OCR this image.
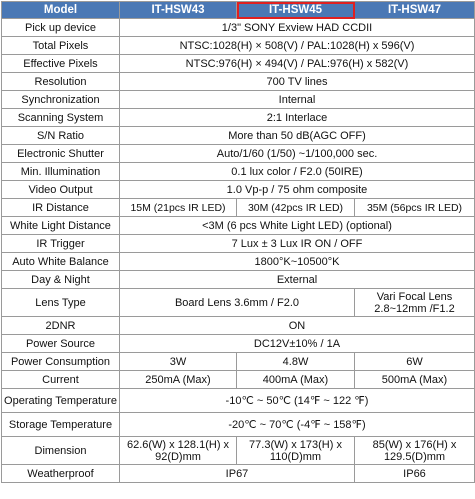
Model	IT-HSW43	IT-HSW45	IT-HSW47
Pick up device	1/3" SONY Exview HAD CCDII		
Total Pixels	NTSC:1028(H) × 508(V) / PAL:1028(H) x 596(V)		
Effective Pixels	NTSC:976(H) × 494(V) / PAL:976(H) x 582(V)		
Resolution	700 TV lines		
Synchronization	Internal		
Scanning System	2:1 Interlace		
S/N Ratio	More than 50 dB(AGC OFF)		
Electronic Shutter	Auto/1/60 (1/50) ~1/100,000 sec.		
Min. Illumination	0.1 lux color / F2.0 (50IRE)		
Video Output	1.0 Vp-p / 75 ohm composite		
IR Distance	15M (21pcs IR LED)	30M (42pcs IR LED)	35M (56pcs IR LED)
White Light Distance	<3M (6 pcs White Light LED) (optional)		
IR Trigger	7 Lux ± 3 Lux IR ON / OFF		
Auto White Balance	1800°K~10500°K		
Day & Night	External		
Lens Type	Board Lens 3.6mm / F2.0		Vari Focal Lens 2.8~12mm /F1.2
2DNR	ON		
Power Source	DC12V±10% / 1A		
Power Consumption	3W	4.8W	6W
Current	250mA (Max)	400mA (Max)	500mA (Max)
Operating Temperature	-10℃ ~ 50℃ (14℉ ~ 122 ℉)		
Storage Temperature	-20℃ ~ 70℃ (-4℉ ~ 158℉)		
Dimension	62.6(W) x 128.1(H) x 92(D)mm	77.3(W) x 173(H) x 110(D)mm	85(W) x 176(H) x 129.5(D)mm
Weatherproof	IP67		IP66
